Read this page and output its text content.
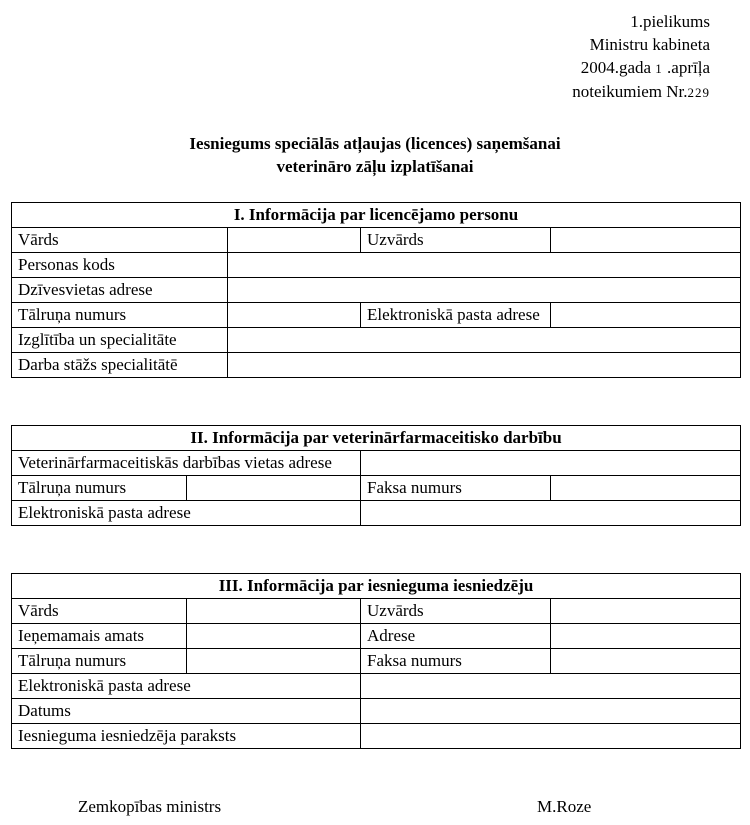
1.pielikums
Ministru kabineta
2004.gada 1 .aprīļa
noteikumiem Nr.229
Iesniegums speciālās atļaujas (licences) saņemšanai
veterināro zāļu izplatīšanai
I. Informācija par licencējamo personu			
Vārds		Uzvārds	
Personas kods			
Dzīvesvietas adrese			
Tālruņa numurs		Elektroniskā pasta adrese	
Izglītība un specialitāte			
Darba stāžs specialitātē			
II. Informācija par veterinārfarmaceitisko darbību			
Veterinārfarmaceitiskās darbības vietas adrese			
Tālruņa numurs		Faksa numurs	
Elektroniskā pasta adrese			
III. Informācija par iesnieguma iesniedzēju			
Vārds		Uzvārds	
Ieņemamais amats		Adrese	
Tālruņa numurs		Faksa numurs	
Elektroniskā pasta adrese			
Datums			
Iesnieguma iesniedzēja paraksts			
Zemkopības ministrs	M.Roze
